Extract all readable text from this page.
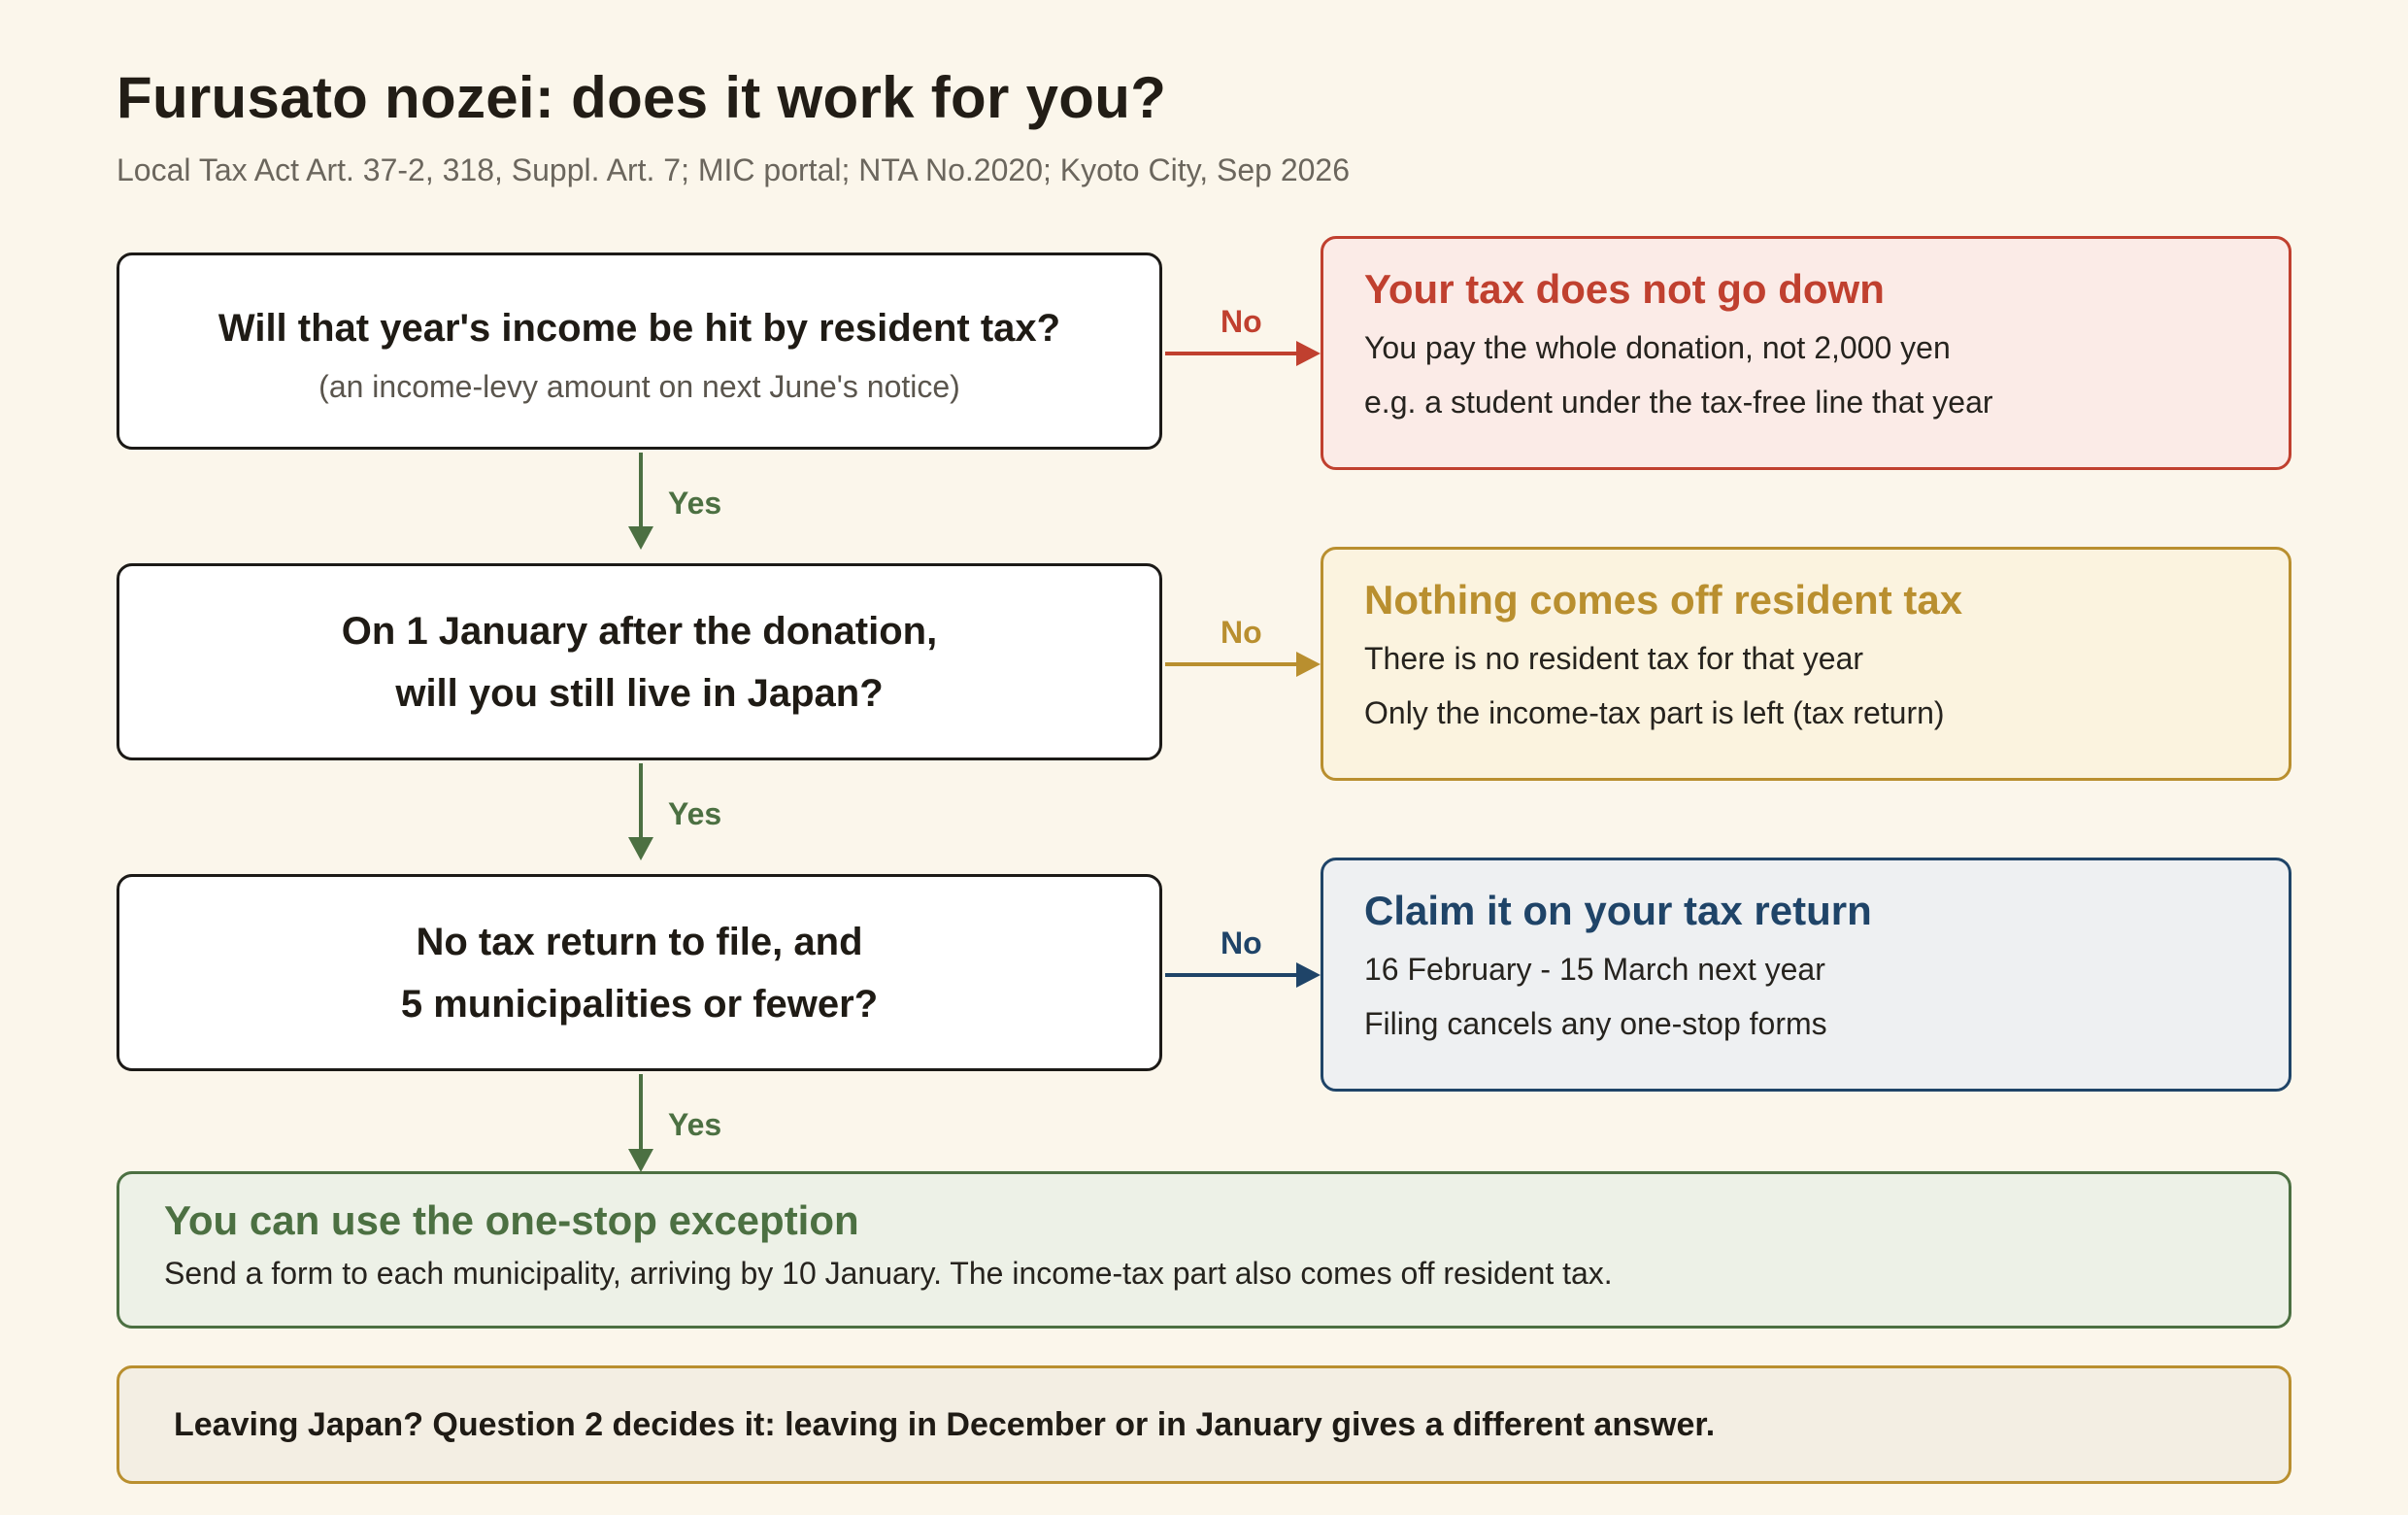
Furusato nozei: does it work for you?
Local Tax Act Art. 37-2, 318, Suppl. Art. 7; MIC portal; NTA No.2020; Kyoto City, Sep 2026
Will that year's income be hit by resident tax?
(an income-levy amount on next June's notice)
On 1 January after the donation,
will you still live in Japan?
No tax return to file, and
5 municipalities or fewer?
Yes
Yes
Yes
No
No
No
Your tax does not go down
You pay the whole donation, not 2,000 yen
e.g. a student under the tax-free line that year
Nothing comes off resident tax
There is no resident tax for that year
Only the income-tax part is left (tax return)
Claim it on your tax return
16 February - 15 March next year
Filing cancels any one-stop forms
You can use the one-stop exception
Send a form to each municipality, arriving by 10 January. The income-tax part also comes off resident tax.
Leaving Japan? Question 2 decides it: leaving in December or in January gives a different answer.
